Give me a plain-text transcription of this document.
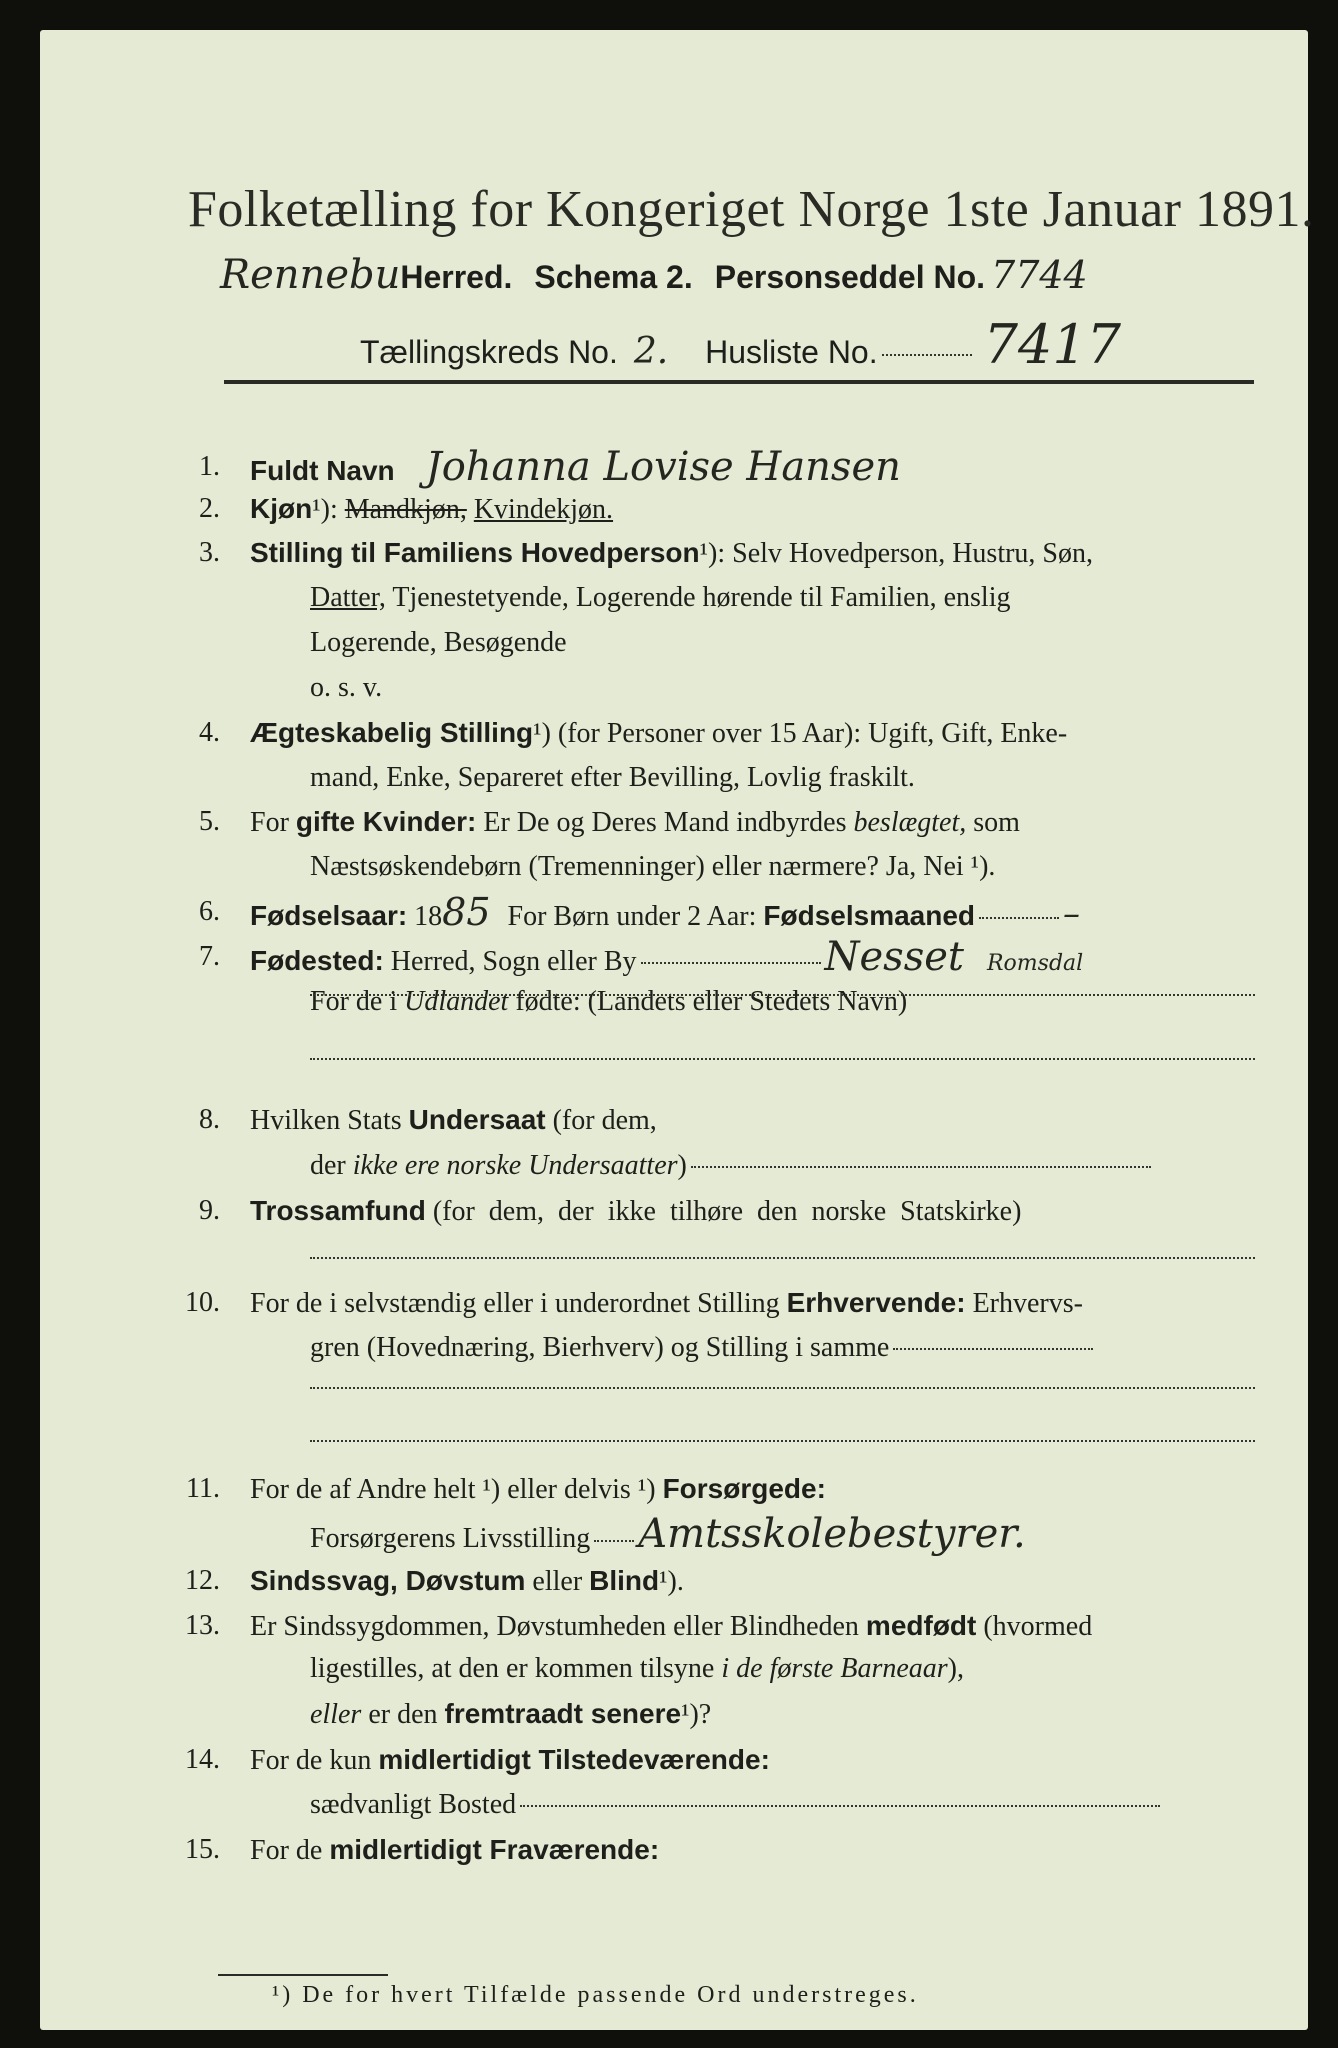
Folketælling for Kongeriget Norge 1ste Januar 1891.
RennebuHerred. Schema 2. Personseddel No. 7744
Tællingskreds No. 2. Husliste No. 7417
1. Fuldt Navn Johanna Lovise Hansen
2. Kjøn¹): Mandkjøn, Kvindekjøn.
3. Stilling til Familiens Hovedperson¹): Selv Hovedperson, Hustru, Søn,
Datter, Tjenestetyende, Logerende hørende til Familien, enslig
Logerende, Besøgende
o. s. v.
4. Ægteskabelig Stilling¹) (for Personer over 15 Aar): Ugift, Gift, Enke-
mand, Enke, Separeret efter Bevilling, Lovlig fraskilt.
5. For gifte Kvinder: Er De og Deres Mand indbyrdes beslægtet, som
Næstsøskendebørn (Tremenninger) eller nærmere? Ja, Nei ¹).
6. Fødselsaar: 1885 For Børn under 2 Aar: Fødselsmaaned	–
7. Fødested: Herred, Sogn eller By	Nesset Romsdal
For de i Udlandet fødte: (Landets eller Stedets Navn)
8. Hvilken Stats Undersaat (for dem,
der ikke ere norske Undersaatter)
9. Trossamfund (for  dem,  der  ikke  tilhøre  den  norske  Statskirke)
10. For de i selvstændig eller i underordnet Stilling Erhvervende: Erhvervs-
gren (Hovednæring, Bierhverv) og Stilling i samme
11. For de af Andre helt ¹) eller delvis ¹) Forsørgede:
Forsørgerens Livsstilling Amtsskolebestyrer.
12. Sindssvag, Døvstum eller Blind¹).
13. Er Sindssygdommen, Døvstumheden eller Blindheden medfødt (hvormed
ligestilles, at den er kommen tilsyne i de første Barneaar),
eller er den fremtraadt senere¹)?
14. For de kun midlertidigt Tilstedeværende:
¹) De for hvert Tilfælde passende Ord understreges.
sædvanligt Bosted
15. For de midlertidigt Fraværende:
